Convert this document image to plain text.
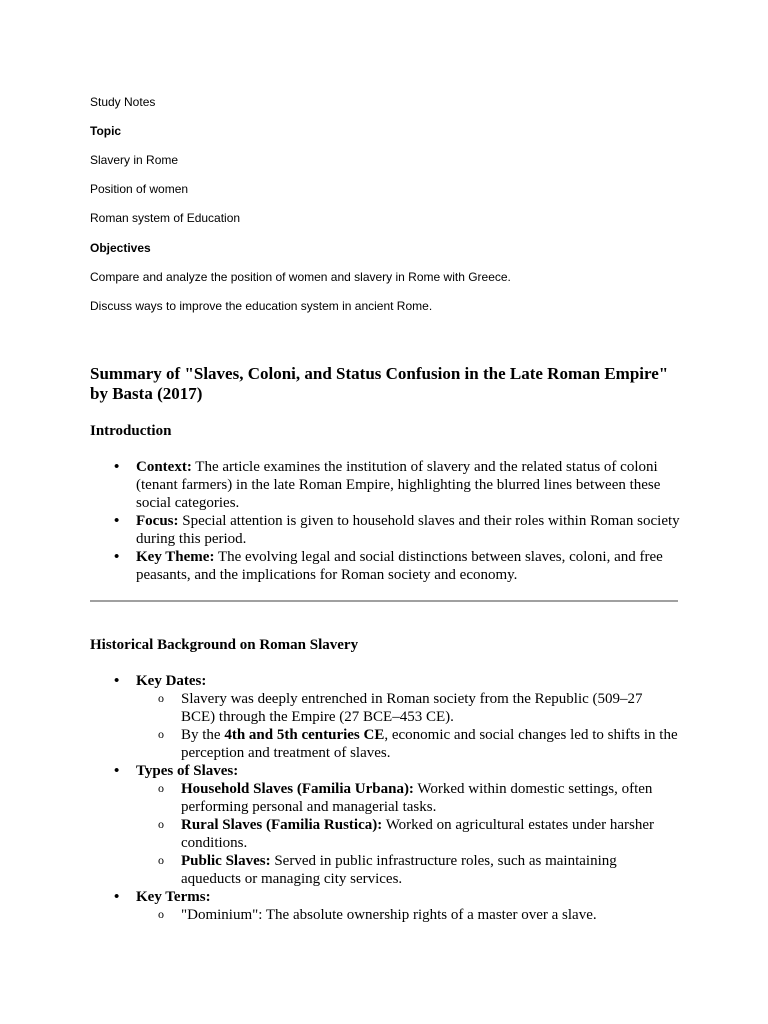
Study Notes
Topic
Slavery in Rome
Position of women
Roman system of Education
Objectives
Compare and analyze the position of women and slavery in Rome with Greece.
Discuss ways to improve the education system in ancient Rome.
Summary of "Slaves, Coloni, and Status Confusion in the Late Roman Empire" by Basta (2017)
Introduction
• Context: The article examines the institution of slavery and the related status of coloni (tenant farmers) in the late Roman Empire, highlighting the blurred lines between these social categories.
• Focus: Special attention is given to household slaves and their roles within Roman society during this period.
• Key Theme: The evolving legal and social distinctions between slaves, coloni, and free peasants, and the implications for Roman society and economy.
Historical Background on Roman Slavery
• Key Dates:
o Slavery was deeply entrenched in Roman society from the Republic (509–27 BCE) through the Empire (27 BCE–453 CE).
o By the 4th and 5th centuries CE, economic and social changes led to shifts in the perception and treatment of slaves.
• Types of Slaves:
o Household Slaves (Familia Urbana): Worked within domestic settings, often performing personal and managerial tasks.
o Rural Slaves (Familia Rustica): Worked on agricultural estates under harsher conditions.
o Public Slaves: Served in public infrastructure roles, such as maintaining aqueducts or managing city services.
• Key Terms:
o "Dominium": The absolute ownership rights of a master over a slave.
